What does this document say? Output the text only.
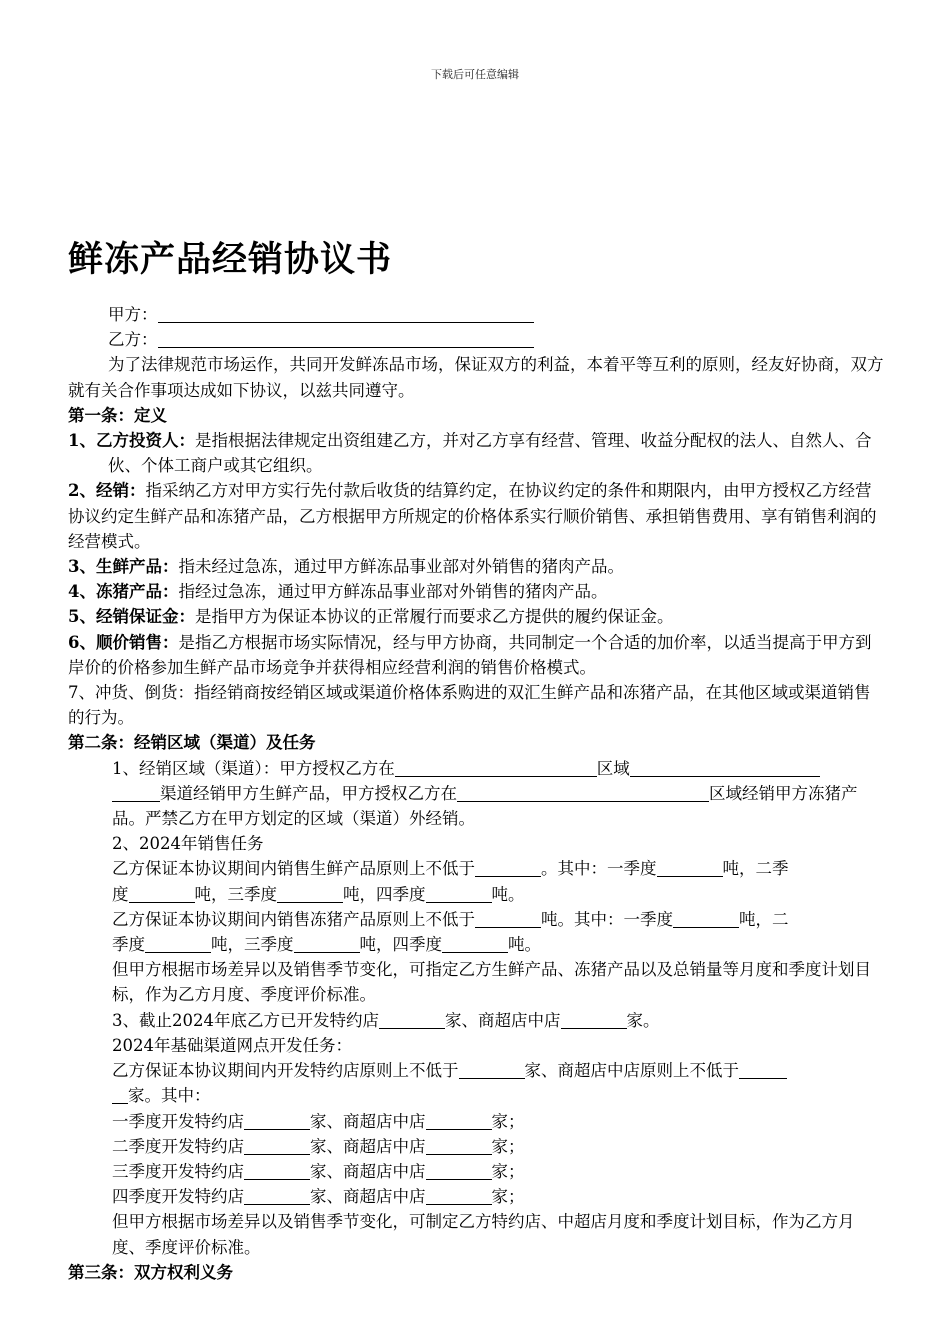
下载后可任意编辑
鲜冻产品经销协议书

甲方：

乙方：

为了法律规范市场运作，共同开发鲜冻品市场，保证双方的利益，本着平等互利的原则，经友好协商，双方就有关合作事项达成如下协议，以兹共同遵守。

第一条：定义

1、乙方投资人：是指根据法律规定出资组建乙方，并对乙方享有经营、管理、收益分配权的法人、自然人、合伙、个体工商户或其它组织。

2、经销：指采纳乙方对甲方实行先付款后收货的结算约定，在协议约定的条件和期限内，由甲方授权乙方经营协议约定生鲜产品和冻猪产品，乙方根据甲方所规定的价格体系实行顺价销售、承担销售费用、享有销售利润的经营模式。

3、生鲜产品：指未经过急冻，通过甲方鲜冻品事业部对外销售的猪肉产品。

4、冻猪产品：指经过急冻，通过甲方鲜冻品事业部对外销售的猪肉产品。

5、经销保证金：是指甲方为保证本协议的正常履行而要求乙方提供的履约保证金。

6、顺价销售：是指乙方根据市场实际情况，经与甲方协商，共同制定一个合适的加价率，以适当提高于甲方到岸价的价格参加生鲜产品市场竞争并获得相应经营利润的销售价格模式。

7、冲货、倒货：指经销商按经销区域或渠道价格体系购进的双汇生鲜产品和冻猪产品，在其他区域或渠道销售的行为。

第二条：经销区域（渠道）及任务

1、经销区域（渠道）：甲方授权乙方在	区域
渠道经销甲方生鲜产品，甲方授权乙方在	区域经销甲方冻猪产品。严禁乙方在甲方划定的区域（渠道）外经销。

2、2024年销售任务

乙方保证本协议期间内销售生鲜产品原则上不低于	。其中：一季度	吨，二季
度	吨，三季度	吨，四季度	吨。

乙方保证本协议期间内销售冻猪产品原则上不低于	吨。其中：一季度	吨，二
季度	吨，三季度	吨，四季度	吨。

但甲方根据市场差异以及销售季节变化，可指定乙方生鲜产品、冻猪产品以及总销量等月度和季度计划目标，作为乙方月度、季度评价标准。

3、截止2024年底乙方已开发特约店	家、商超店中店	家。

2024年基础渠道网点开发任务：

乙方保证本协议期间内开发特约店原则上不低于	家、商超店中店原则上不低于
家。其中：

一季度开发特约店	家、商超店中店	家；

二季度开发特约店	家、商超店中店	家；

三季度开发特约店	家、商超店中店	家；

四季度开发特约店	家、商超店中店	家；

但甲方根据市场差异以及销售季节变化，可制定乙方特约店、中超店月度和季度计划目标，作为乙方月度、季度评价标准。

第三条：双方权利义务
